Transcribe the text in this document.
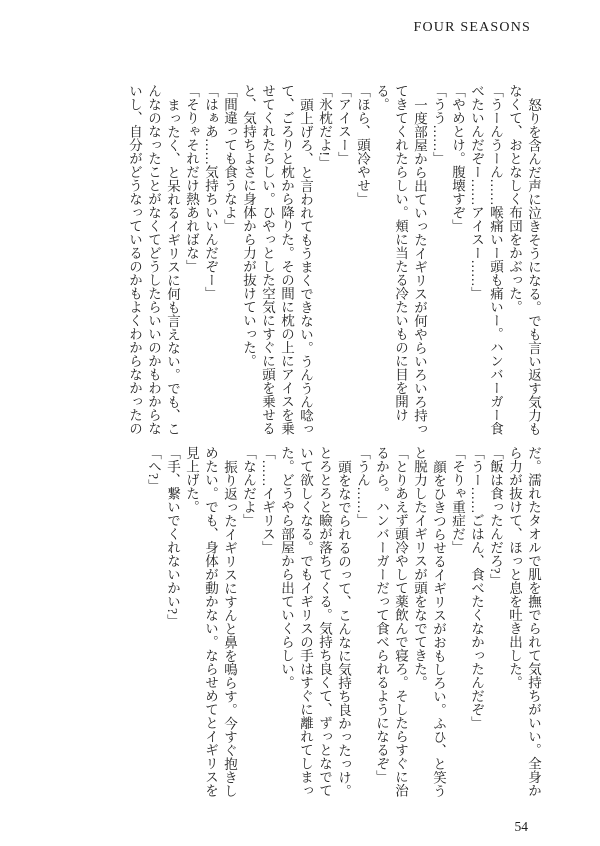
FOUR SEASONS

怒りを含んだ声に泣きそうになる。でも言い返す気力もなくて、おとなしく布団をかぶった。

「うーんうーん……喉痛いー頭も痛いー。ハンバーガー食べたいんだぞー……アイスー……」

「やめとけ。腹壊すぞ」

「うう……」

一度部屋から出ていったイギリスが何やらいろいろ持ってきてくれたらしい。頬に当たる冷たいものに目を開ける。

「ほら、頭冷やせ」

「アイスー」

「氷枕だよ!」

頭上げろ、と言われてもうまくできない。うんうん唸って、ごろりと枕から降りた。その間に枕の上にアイスを乗せてくれたらしい。ひやっとした空気にすぐに頭を乗せると、気持ちよさに身体から力が抜けていった。

「間違っても食うなよ」

「はぁあ……気持ちいいんだぞー」

「そりゃそれだけ熱あればな」

まったく、と呆れるイギリスに何も言えない。でも、こんなのなったことがなくてどうしたらいいのかもわからないし、自分がどうなっているのかもよくわからなかったの

だ。濡れたタオルで肌を撫でられて気持ちがいい。全身から力が抜けて、ほっと息を吐き出した。

「飯は食ったんだろ?」

「うー……ごはん、食べたくなかったんだぞ」

「そりゃ重症だ」

顔をひきつらせるイギリスがおもしろい。ふひ、と笑うと脱力したイギリスが頭をなでてきた。

「とりあえず頭冷やして薬飲んで寝ろ。そしたらすぐに治るから。ハンバーガーだって食べられるようになるぞ」

「うん……」

頭をなでられるのって、こんなに気持ち良かったっけ。とろとろと瞼が落ちてくる。気持ち良くて、ずっとなでていて欲しくなる。でもイギリスの手はすぐに離れてしまった。どうやら部屋から出ていくらしい。

「……イギリス」

「なんだよ」

振り返ったイギリスにすんと鼻を鳴らす。今すぐ抱きしめたい。でも、身体が動かない。ならせめてとイギリスを見上げた。

「手、繋いでくれないかい?」

「へ?」

54
